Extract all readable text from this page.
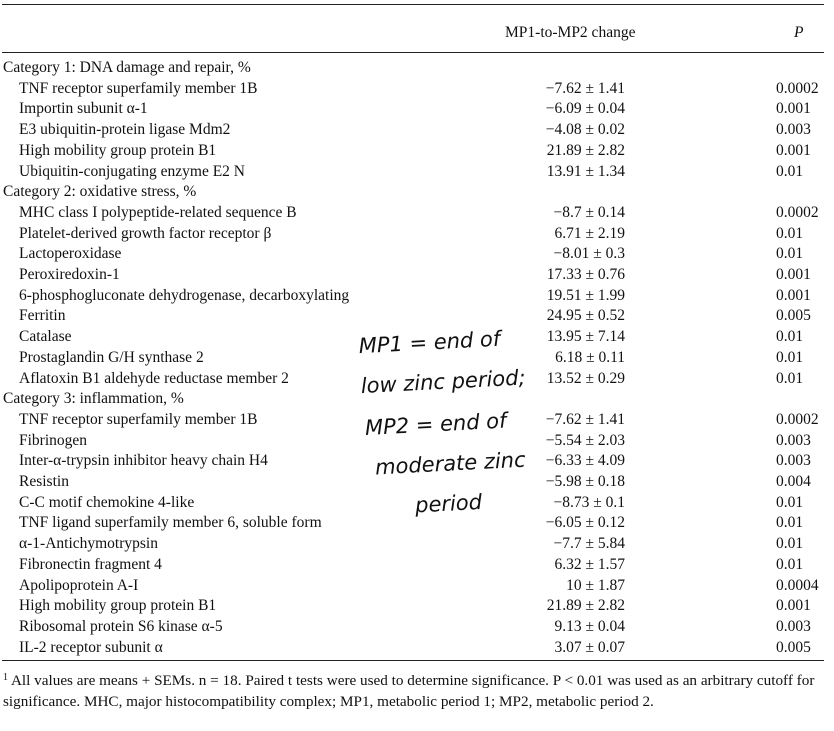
MP1-to-MP2 change	P
Category 1: DNA damage and repair, %
TNF receptor superfamily member 1B	−7.62 ± 1.41	0.0002
Importin subunit α-1	−6.09 ± 0.04	0.001
E3 ubiquitin-protein ligase Mdm2	−4.08 ± 0.02	0.003
High mobility group protein B1	21.89 ± 2.82	0.001
Ubiquitin-conjugating enzyme E2 N	13.91 ± 1.34	0.01
Category 2: oxidative stress, %
MHC class I polypeptide-related sequence B	−8.7 ± 0.14	0.0002
Platelet-derived growth factor receptor β	6.71 ± 2.19	0.01
Lactoperoxidase	−8.01 ± 0.3	0.01
Peroxiredoxin-1	17.33 ± 0.76	0.001
6-phosphogluconate dehydrogenase, decarboxylating	19.51 ± 1.99	0.001
Ferritin	24.95 ± 0.52	0.005
Catalase	13.95 ± 7.14	0.01
Prostaglandin G/H synthase 2	6.18 ± 0.11	0.01
Aflatoxin B1 aldehyde reductase member 2	13.52 ± 0.29	0.01
Category 3: inflammation, %
TNF receptor superfamily member 1B	−7.62 ± 1.41	0.0002
Fibrinogen	−5.54 ± 2.03	0.003
Inter-α-trypsin inhibitor heavy chain H4	−6.33 ± 4.09	0.003
Resistin	−5.98 ± 0.18	0.004
C-C motif chemokine 4-like	−8.73 ± 0.1	0.01
TNF ligand superfamily member 6, soluble form	−6.05 ± 0.12	0.01
α-1-Antichymotrypsin	−7.7 ± 5.84	0.01
Fibronectin fragment 4	6.32 ± 1.57	0.01
Apolipoprotein A-I	10 ± 1.87	0.0004
High mobility group protein B1	21.89 ± 2.82	0.001
Ribosomal protein S6 kinase α-5	9.13 ± 0.04	0.003
IL-2 receptor subunit α	3.07 ± 0.07	0.005
MP1 = end of
low zinc period;
MP2 = end of
moderate zinc
period
$^1$ All values are means + SEMs. n = 18. Paired t tests were used to determine significance. P < 0.01 was used as an arbitrary cutoff for significance. MHC, major histocompatibility complex; MP1, metabolic period 1; MP2, metabolic period 2.
